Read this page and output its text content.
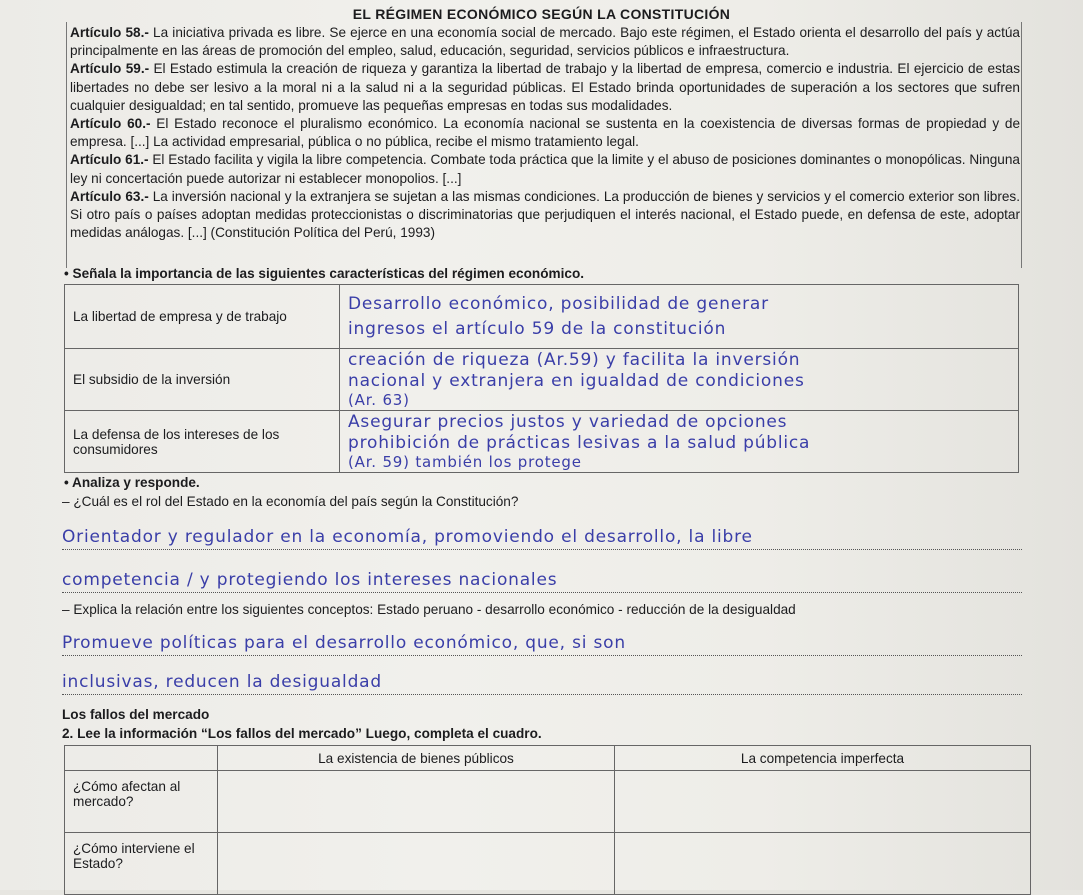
EL RÉGIMEN ECONÓMICO SEGÚN LA CONSTITUCIÓN

Artículo 58.- La iniciativa privada es libre. Se ejerce en una economía social de mercado. Bajo este régimen, el Estado orienta el desarrollo del país y actúa principalmente en las áreas de promoción del empleo, salud, educación, seguridad, servicios públicos e infraestructura.

Artículo 59.- El Estado estimula la creación de riqueza y garantiza la libertad de trabajo y la libertad de empresa, comercio e industria. El ejercicio de estas libertades no debe ser lesivo a la moral ni a la salud ni a la seguridad públicas. El Estado brinda oportunidades de superación a los sectores que sufren cualquier desigualdad; en tal sentido, promueve las pequeñas empresas en todas sus modalidades.

Artículo 60.- El Estado reconoce el pluralismo económico. La economía nacional se sustenta en la coexistencia de diversas formas de propiedad y de empresa. [...] La actividad empresarial, pública o no pública, recibe el mismo tratamiento legal.

Artículo 61.- El Estado facilita y vigila la libre competencia. Combate toda práctica que la limite y el abuso de posiciones dominantes o monopólicas. Ninguna ley ni concertación puede autorizar ni establecer monopolios. [...]

Artículo 63.- La inversión nacional y la extranjera se sujetan a las mismas condiciones. La producción de bienes y servicios y el comercio exterior son libres. Si otro país o países adoptan medidas proteccionistas o discriminatorias que perjudiquen el interés nacional, el Estado puede, en defensa de este, adoptar medidas análogas. [...] (Constitución Política del Perú, 1993)

• Señala la importancia de las siguientes características del régimen económico.
La libertad de empresa y de trabajo	Desarrollo económico, posibilidad de generar
ingresos el artículo 59 de la constitución

El subsidio de la inversión	creación de riqueza (Ar.59) y facilita la inversión
nacional y extranjera en igualdad de condiciones
(Ar. 63)

La defensa de los intereses de los consumidores	Asegurar precios justos y variedad de opciones
prohibición de prácticas lesivas a la salud pública
(Ar. 59) también los protege
• Analiza y responde.
– ¿Cuál es el rol del Estado en la economía del país según la Constitución?
Orientador y regulador en la economía, promoviendo el desarrollo, la libre
competencia / y protegiendo los intereses nacionales
– Explica la relación entre los siguientes conceptos: Estado peruano - desarrollo económico - reducción de la desigualdad
Promueve políticas para el desarrollo económico, que, si son
inclusivas, reducen la desigualdad
Los fallos del mercado
2. Lee la información “Los fallos del mercado” Luego, completa el cuadro.
	La existencia de bienes públicos	La competencia imperfecta
¿Cómo afectan al mercado?		
¿Cómo interviene el Estado?		
